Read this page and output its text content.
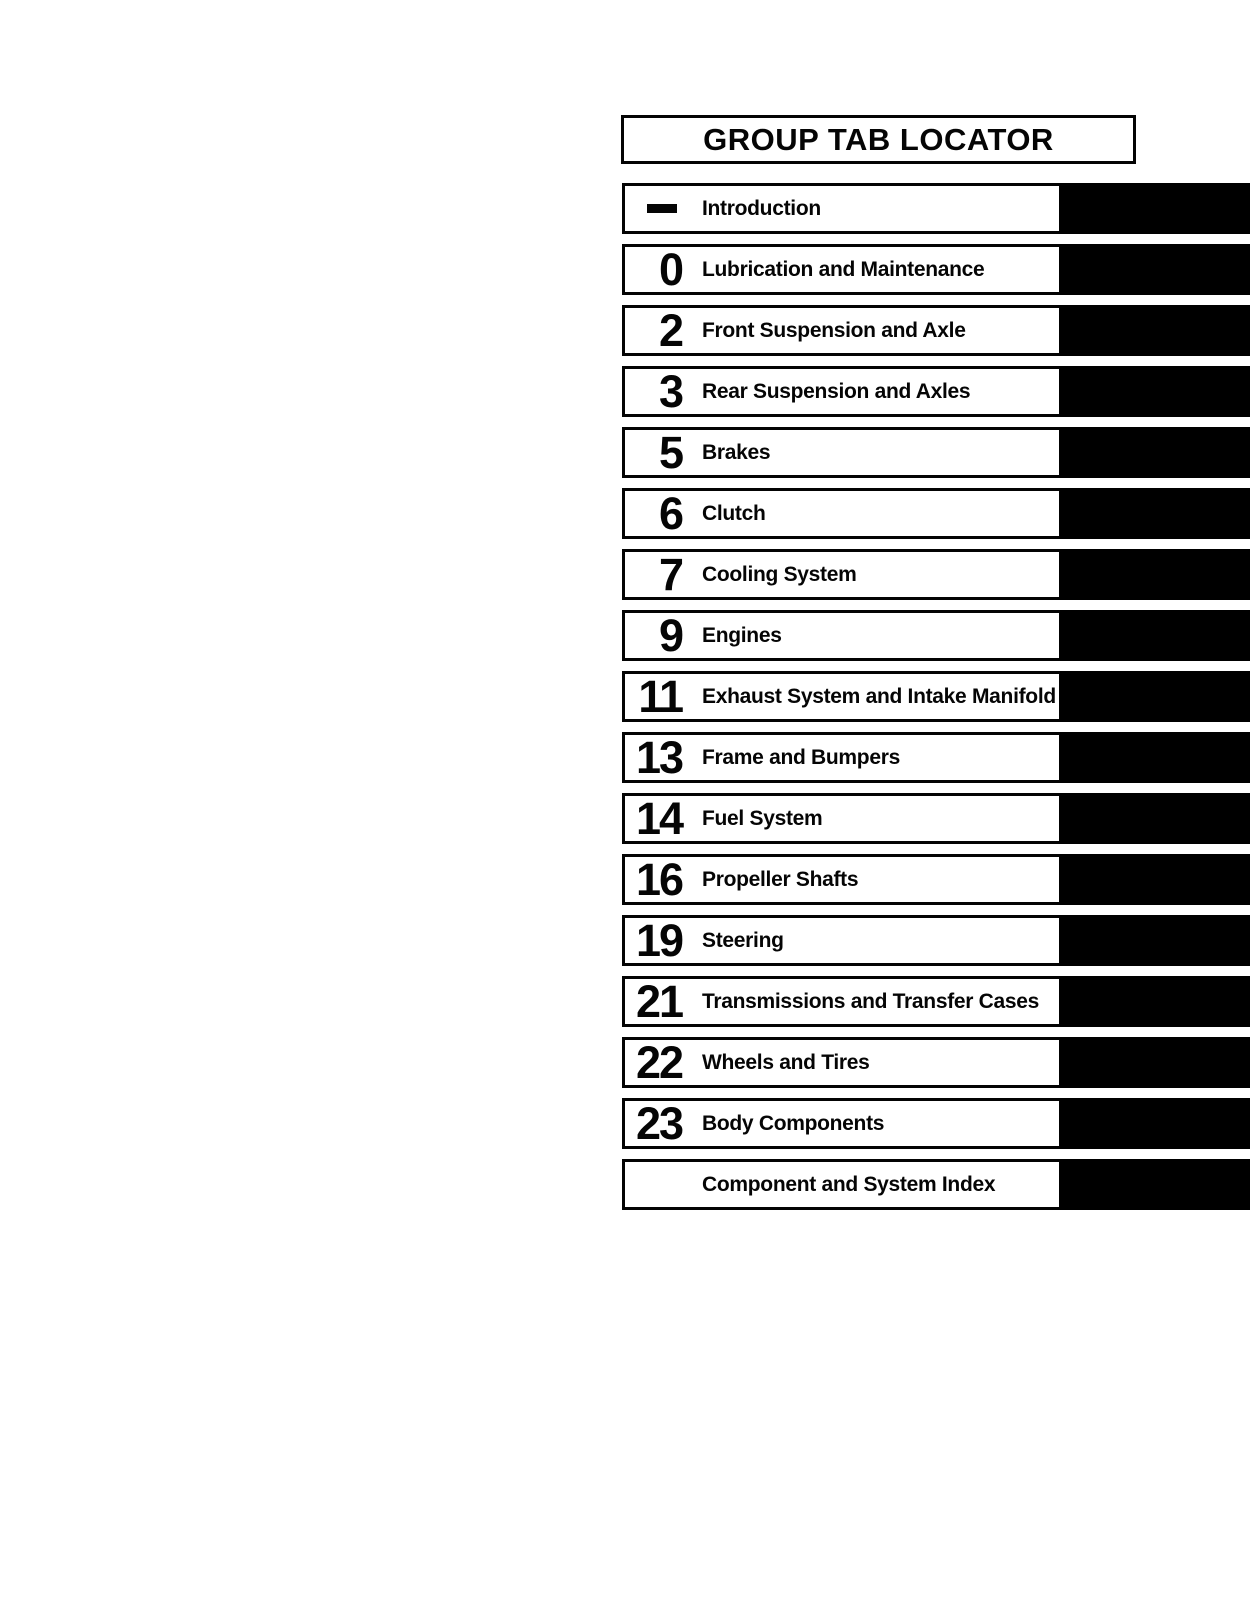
GROUP TAB LOCATOR
Introduction
0 Lubrication and Maintenance
2 Front Suspension and Axle
3 Rear Suspension and Axles
5 Brakes
6 Clutch
7 Cooling System
9 Engines
11 Exhaust System and Intake Manifold
13 Frame and Bumpers
14 Fuel System
16 Propeller Shafts
19 Steering
21 Transmissions and Transfer Cases
22 Wheels and Tires
23 Body Components
Component and System Index
